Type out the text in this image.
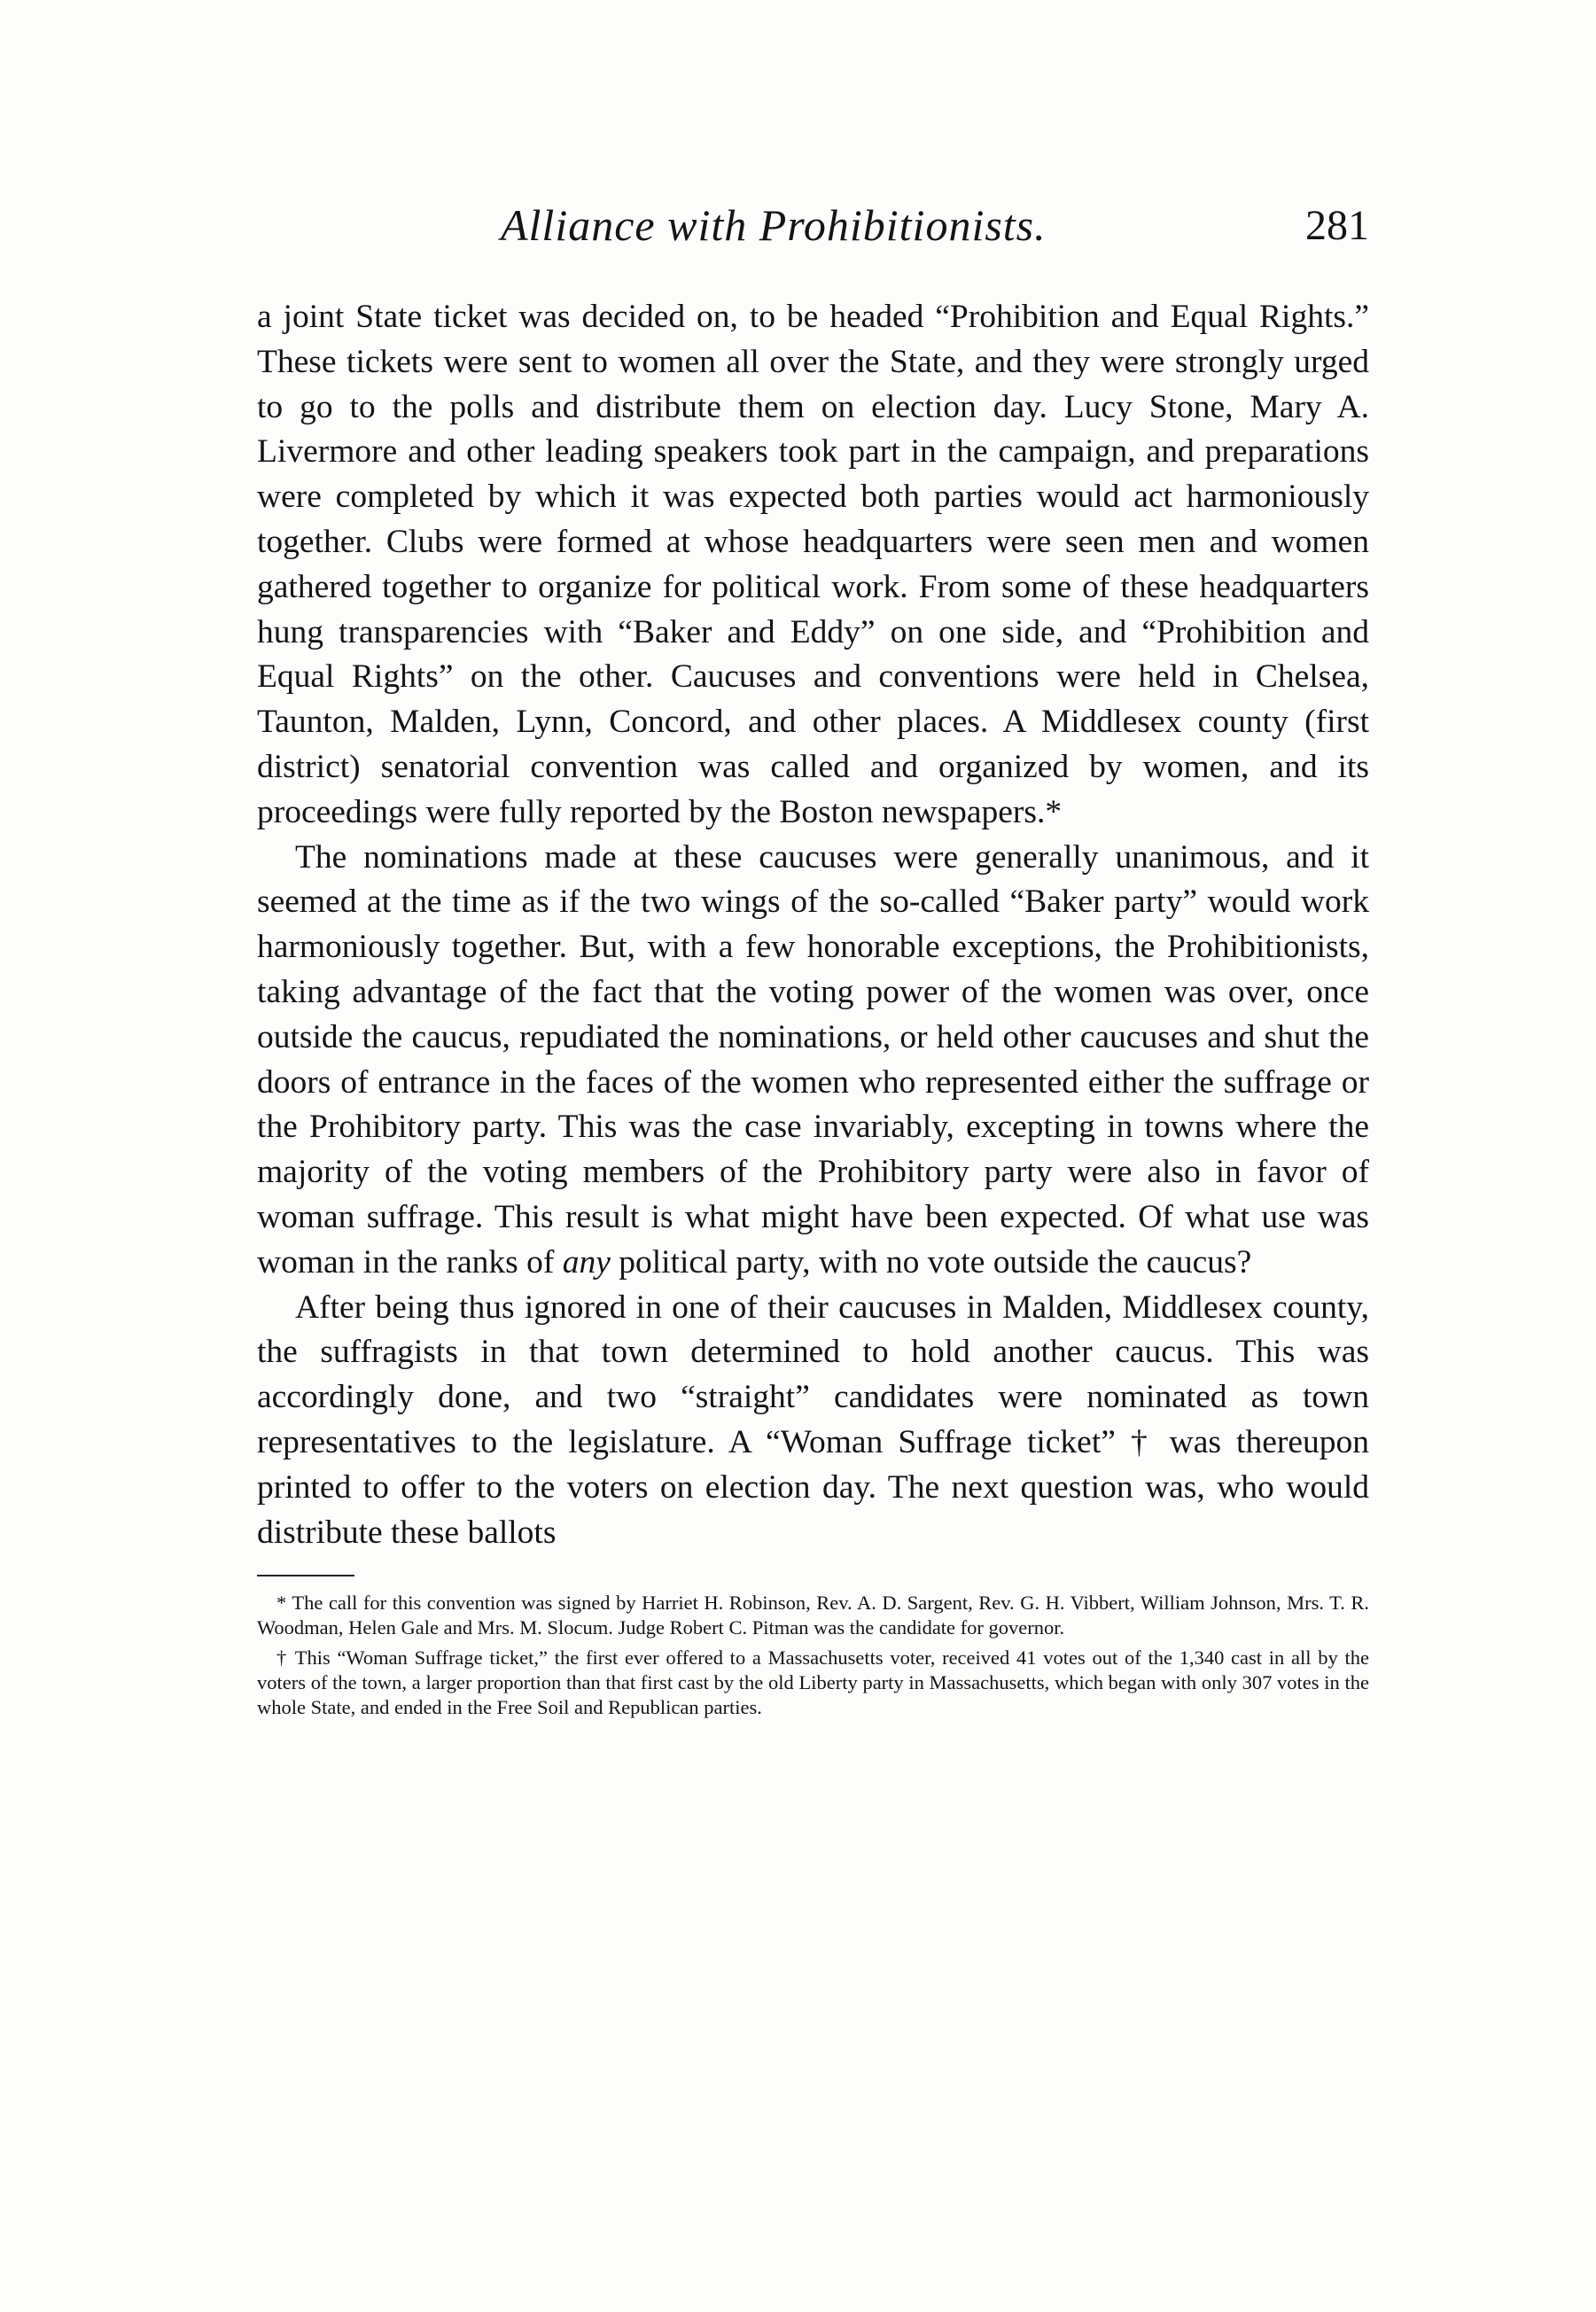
Alliance with Prohibitionists.	281

a joint State ticket was decided on, to be headed “Prohibition and Equal Rights.” These tickets were sent to women all over the State, and they were strongly urged to go to the polls and distribute them on election day. Lucy Stone, Mary A. Livermore and other leading speakers took part in the campaign, and preparations were completed by which it was expected both parties would act harmoniously together. Clubs were formed at whose headquarters were seen men and women gathered together to organize for political work. From some of these headquarters hung transparencies with “Baker and Eddy” on one side, and “Prohibition and Equal Rights” on the other. Caucuses and conventions were held in Chelsea, Taunton, Malden, Lynn, Concord, and other places. A Middlesex county (first district) senatorial convention was called and organized by women, and its proceedings were fully reported by the Boston newspapers.*

The nominations made at these caucuses were generally unanimous, and it seemed at the time as if the two wings of the so-called “Baker party” would work harmoniously together. But, with a few honorable exceptions, the Prohibitionists, taking advantage of the fact that the voting power of the women was over, once outside the caucus, repudiated the nominations, or held other caucuses and shut the doors of entrance in the faces of the women who represented either the suffrage or the Prohibitory party. This was the case invariably, excepting in towns where the majority of the voting members of the Prohibitory party were also in favor of woman suffrage. This result is what might have been expected. Of what use was woman in the ranks of any political party, with no vote outside the caucus?

After being thus ignored in one of their caucuses in Malden, Middlesex county, the suffragists in that town determined to hold another caucus. This was accordingly done, and two “straight” candidates were nominated as town representatives to the legislature. A “Woman Suffrage ticket” † was thereupon printed to offer to the voters on election day. The next question was, who would distribute these ballots

* The call for this convention was signed by Harriet H. Robinson, Rev. A. D. Sargent, Rev. G. H. Vibbert, William Johnson, Mrs. T. R. Woodman, Helen Gale and Mrs. M. Slocum. Judge Robert C. Pitman was the candidate for governor.

† This “Woman Suffrage ticket,” the first ever offered to a Massachusetts voter, received 41 votes out of the 1,340 cast in all by the voters of the town, a larger proportion than that first cast by the old Liberty party in Massachusetts, which began with only 307 votes in the whole State, and ended in the Free Soil and Republican parties.
